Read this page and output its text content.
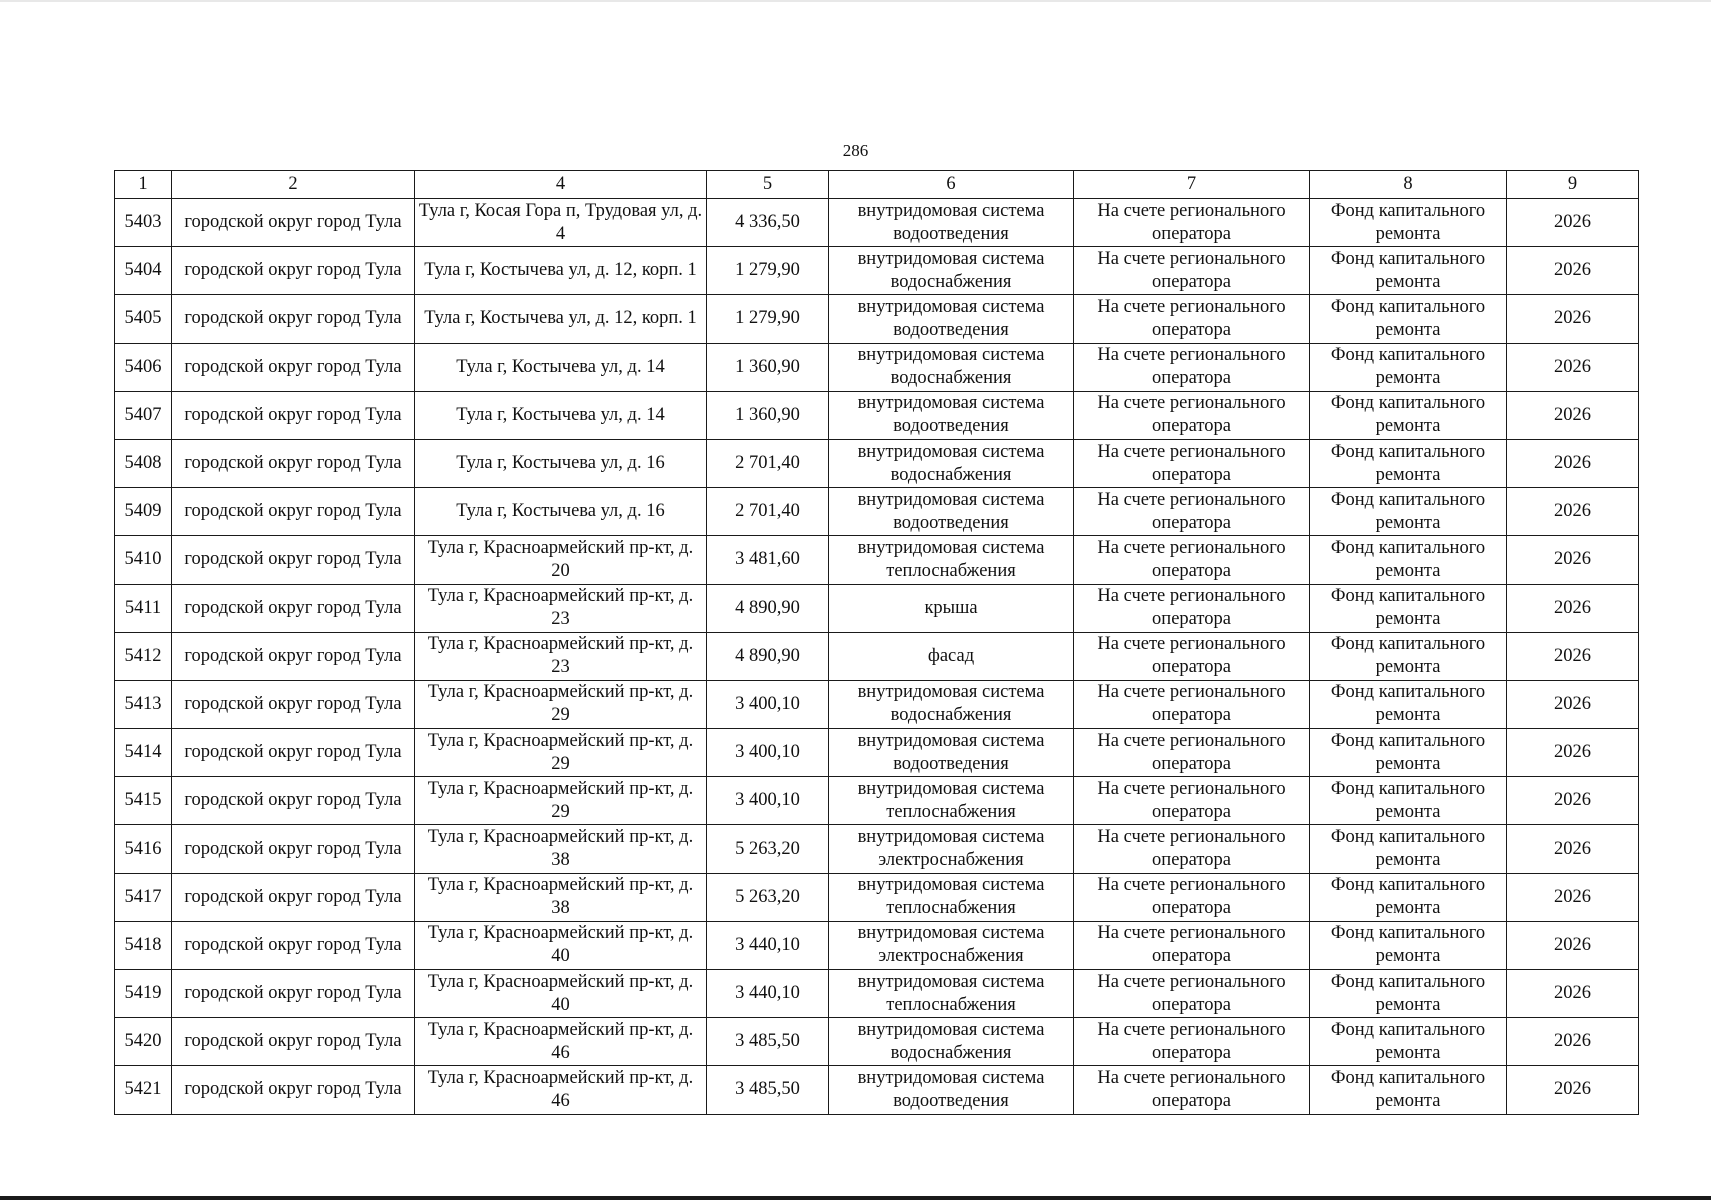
286
1	2	4	5	6	7	8	9
5403	городской округ город Тула	Тула г, Косая Гора п, Трудовая ул, д. 4	4 336,50	внутридомовая система водоотведения	На счете регионального оператора	Фонд капитального ремонта	2026
5404	городской округ город Тула	Тула г, Костычева ул, д. 12, корп. 1	1 279,90	внутридомовая система водоснабжения	На счете регионального оператора	Фонд капитального ремонта	2026
5405	городской округ город Тула	Тула г, Костычева ул, д. 12, корп. 1	1 279,90	внутридомовая система водоотведения	На счете регионального оператора	Фонд капитального ремонта	2026
5406	городской округ город Тула	Тула г, Костычева ул, д. 14	1 360,90	внутридомовая система водоснабжения	На счете регионального оператора	Фонд капитального ремонта	2026
5407	городской округ город Тула	Тула г, Костычева ул, д. 14	1 360,90	внутридомовая система водоотведения	На счете регионального оператора	Фонд капитального ремонта	2026
5408	городской округ город Тула	Тула г, Костычева ул, д. 16	2 701,40	внутридомовая система водоснабжения	На счете регионального оператора	Фонд капитального ремонта	2026
5409	городской округ город Тула	Тула г, Костычева ул, д. 16	2 701,40	внутридомовая система водоотведения	На счете регионального оператора	Фонд капитального ремонта	2026
5410	городской округ город Тула	Тула г, Красноармейский пр-кт, д. 20	3 481,60	внутридомовая система теплоснабжения	На счете регионального оператора	Фонд капитального ремонта	2026
5411	городской округ город Тула	Тула г, Красноармейский пр-кт, д. 23	4 890,90	крыша	На счете регионального оператора	Фонд капитального ремонта	2026
5412	городской округ город Тула	Тула г, Красноармейский пр-кт, д. 23	4 890,90	фасад	На счете регионального оператора	Фонд капитального ремонта	2026
5413	городской округ город Тула	Тула г, Красноармейский пр-кт, д. 29	3 400,10	внутридомовая система водоснабжения	На счете регионального оператора	Фонд капитального ремонта	2026
5414	городской округ город Тула	Тула г, Красноармейский пр-кт, д. 29	3 400,10	внутридомовая система водоотведения	На счете регионального оператора	Фонд капитального ремонта	2026
5415	городской округ город Тула	Тула г, Красноармейский пр-кт, д. 29	3 400,10	внутридомовая система теплоснабжения	На счете регионального оператора	Фонд капитального ремонта	2026
5416	городской округ город Тула	Тула г, Красноармейский пр-кт, д. 38	5 263,20	внутридомовая система электроснабжения	На счете регионального оператора	Фонд капитального ремонта	2026
5417	городской округ город Тула	Тула г, Красноармейский пр-кт, д. 38	5 263,20	внутридомовая система теплоснабжения	На счете регионального оператора	Фонд капитального ремонта	2026
5418	городской округ город Тула	Тула г, Красноармейский пр-кт, д. 40	3 440,10	внутридомовая система электроснабжения	На счете регионального оператора	Фонд капитального ремонта	2026
5419	городской округ город Тула	Тула г, Красноармейский пр-кт, д. 40	3 440,10	внутридомовая система теплоснабжения	На счете регионального оператора	Фонд капитального ремонта	2026
5420	городской округ город Тула	Тула г, Красноармейский пр-кт, д. 46	3 485,50	внутридомовая система водоснабжения	На счете регионального оператора	Фонд капитального ремонта	2026
5421	городской округ город Тула	Тула г, Красноармейский пр-кт, д. 46	3 485,50	внутридомовая система водоотведения	На счете регионального оператора	Фонд капитального ремонта	2026
